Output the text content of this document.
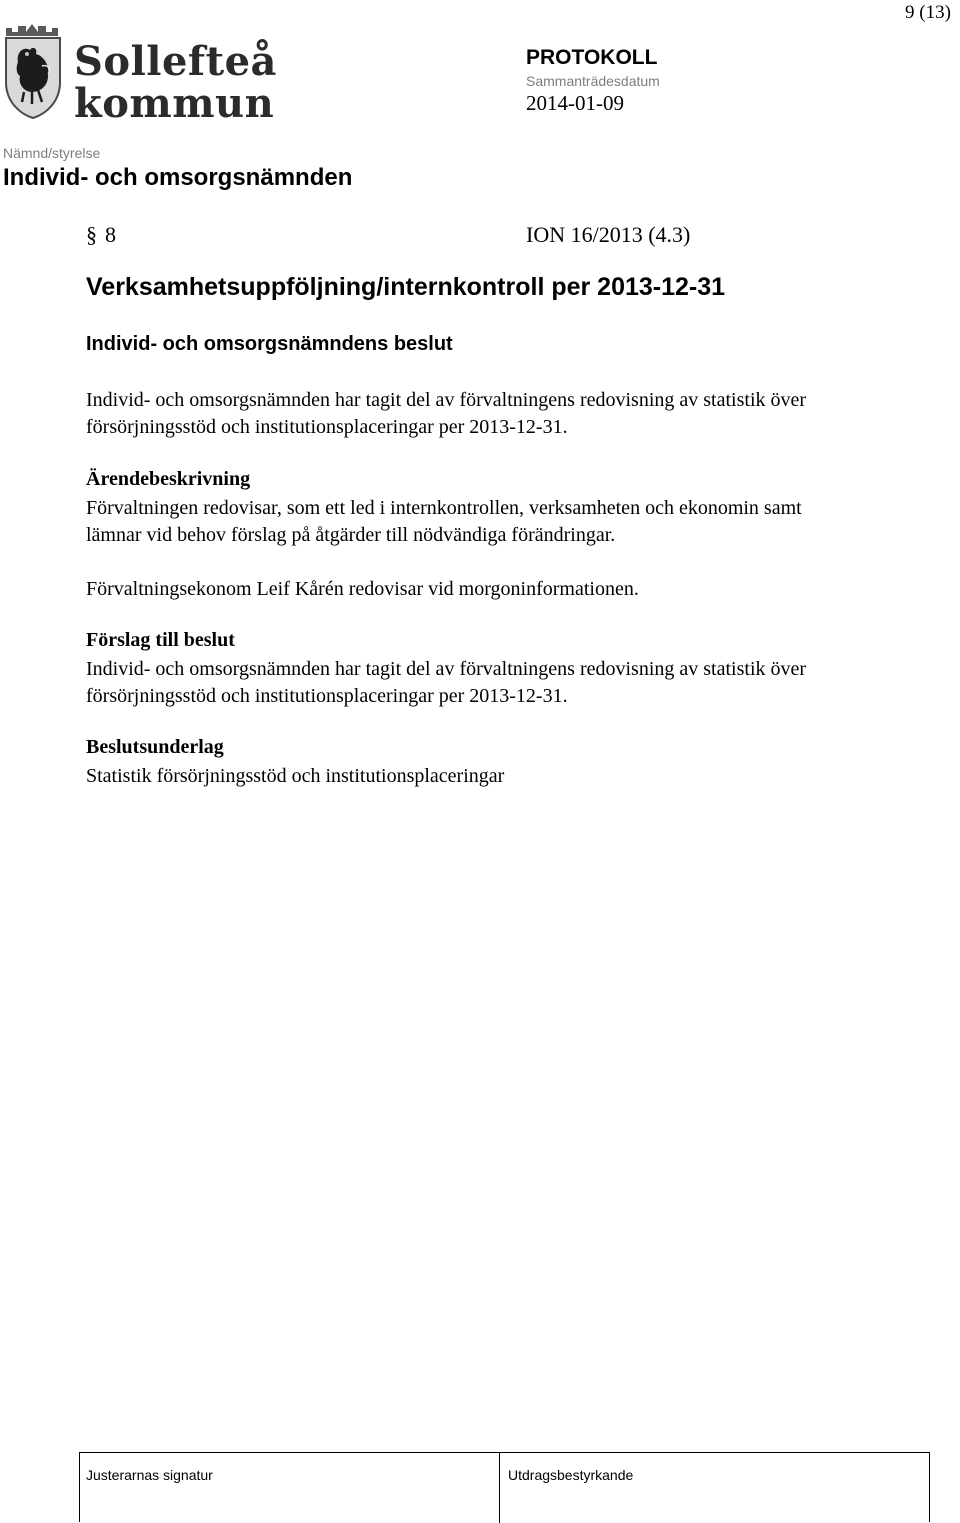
9 (13)
Sollefteå
kommun
PROTOKOLL
Sammanträdesdatum
2014-01-09
Nämnd/styrelse
Individ- och omsorgsnämnden
§ 8	ION 16/2013 (4.3)
Verksamhetsuppföljning/internkontroll per 2013-12-31
Individ- och omsorgsnämndens beslut
Individ- och omsorgsnämnden har tagit del av förvaltningens redovisning av statistik över
försörjningsstöd och institutionsplaceringar per 2013-12-31.
Ärendebeskrivning
Förvaltningen redovisar, som ett led i internkontrollen, verksamheten och ekonomin samt
lämnar vid behov förslag på åtgärder till nödvändiga förändringar.
Förvaltningsekonom Leif Kårén redovisar vid morgoninformationen.
Förslag till beslut
Individ- och omsorgsnämnden har tagit del av förvaltningens redovisning av statistik över
försörjningsstöd och institutionsplaceringar per 2013-12-31.
Beslutsunderlag
Statistik försörjningsstöd och institutionsplaceringar
Justerarnas signatur	Utdragsbestyrkande
